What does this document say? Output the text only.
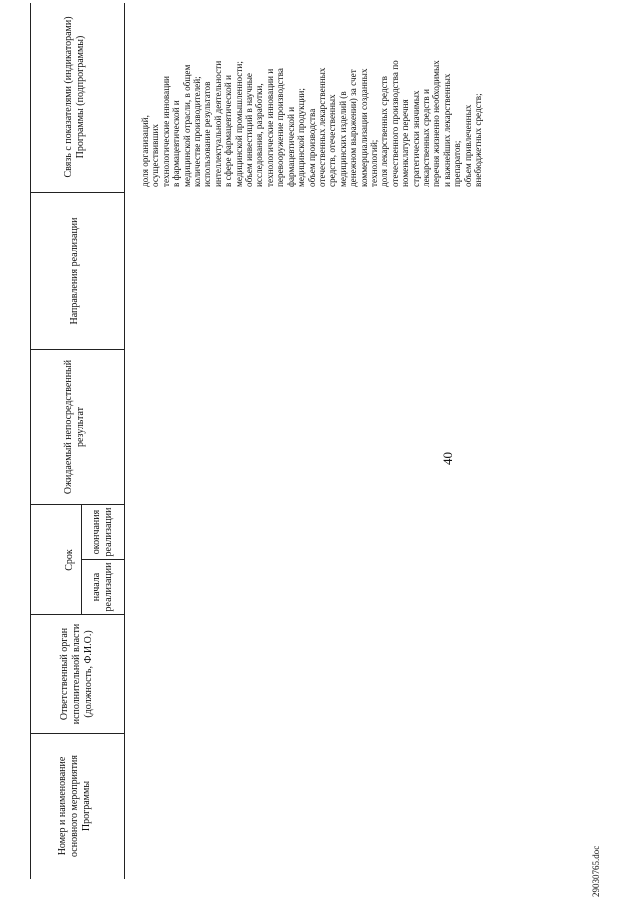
40
Номер и наименование основного мероприятия Программы
Ответственный орган исполнительной власти (должность, Ф.И.О.)
Срок
начала реализации
окончания реализации
Ожидаемый непосредственный результат
Направления реализации
Связь с показателями (индикаторами) Программы (подпрограммы)	доля организаций, осуществивших технологические инновации в фармацевтической и медицинской отрасли, в общем количестве производителей; использование результатов интеллектуальной деятельности в сфере фармацевтической и медицинской промышленности; объем инвестиций в научные исследования, разработки, технологические инновации и перевооружение производства фармацевтической и медицинской продукции; объем производства отечественных лекарственных средств, отечественных медицинских изделий (в денежном выражении) за счет коммерциализации созданных технологий; доля лекарственных средств отечественного производства по номенклатуре перечня стратегически значимых лекарственных средств и перечня жизненно необходимых и важнейших лекарственных препаратов; объем привлеченных внебюджетных средств;
29030765.doc
